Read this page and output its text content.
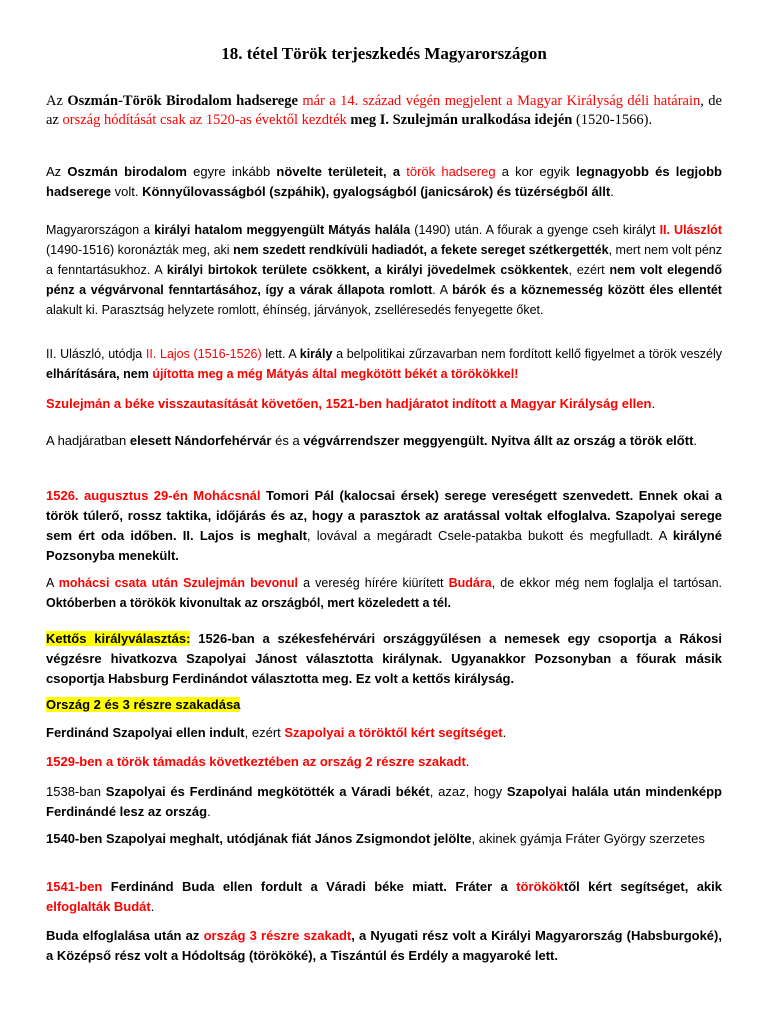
18. tétel Török terjeszkedés Magyarországon

Az Oszmán-Török Birodalom hadserege már a 14. század végén megjelent a Magyar Királyság déli határain, de az ország hódítását csak az 1520-as évektől kezdték meg I. Szulejmán uralkodása idején (1520-1566).

Az Oszmán birodalom egyre inkább növelte területeit, a török hadsereg a kor egyik legnagyobb és legjobb hadserege volt. Könnyűlovasságból (szpáhik), gyalogságból (janicsárok) és tüzérségből állt.

Magyarországon a királyi hatalom meggyengült Mátyás halála (1490) után. A főurak a gyenge cseh királyt II. Ulászlót (1490-1516) koronázták meg, aki nem szedett rendkívüli hadiadót, a fekete sereget szétkergették, mert nem volt pénz a fenntartásukhoz. A királyi birtokok területe csökkent, a királyi jövedelmek csökkentek, ezért nem volt elegendő pénz a végvárvonal fenntartásához, így a várak állapota romlott. A bárók és a köznemesség között éles ellentét alakult ki. Parasztság helyzete romlott, éhínség, járványok, zselléresedés fenyegette őket.

II. Ulászló, utódja II. Lajos (1516-1526) lett. A király a belpolitikai zűrzavarban nem fordított kellő figyelmet a török veszély elhárítására, nem újította meg a még Mátyás által megkötött békét a törökökkel!

Szulejmán a béke visszautasítását követően, 1521-ben hadjáratot indított a Magyar Királyság ellen.

A hadjáratban elesett Nándorfehérvár és a végvárrendszer meggyengült. Nyitva állt az ország a török előtt.

1526. augusztus 29-én Mohácsnál Tomori Pál (kalocsai érsek) serege vereségett szenvedett. Ennek okai a török túlerő, rossz taktika, időjárás és az, hogy a parasztok az aratással voltak elfoglalva. Szapolyai serege sem ért oda időben. II. Lajos is meghalt, lovával a megáradt Csele-patakba bukott és megfulladt. A királyné Pozsonyba menekült.

A mohácsi csata után Szulejmán bevonul a vereség hírére kiürített Budára, de ekkor még nem foglalja el tartósan. Októberben a törökök kivonultak az országból, mert közeledett a tél.

Kettős királyválasztás: 1526-ban a székesfehérvári országgyűlésen a nemesek egy csoportja a Rákosi végzésre hivatkozva Szapolyai Jánost választotta királynak. Ugyanakkor Pozsonyban a főurak másik csoportja Habsburg Ferdinándot választotta meg. Ez volt a kettős királyság.

Ország 2 és 3 részre szakadása

Ferdinánd Szapolyai ellen indult, ezért Szapolyai a töröktől kért segítséget.

1529-ben a török támadás következtében az ország 2 részre szakadt.

1538-ban Szapolyai és Ferdinánd megkötötték a Váradi békét, azaz, hogy Szapolyai halála után mindenképp Ferdinándé lesz az ország.

1540-ben Szapolyai meghalt, utódjának fiát János Zsigmondot jelölte, akinek gyámja Fráter György szerzetes

1541-ben Ferdinánd Buda ellen fordult a Váradi béke miatt. Fráter a törököktől kért segítséget, akik elfoglalták Budát.

Buda elfoglalása után az ország 3 részre szakadt, a Nyugati rész volt a Királyi Magyarország (Habsburgoké), a Középső rész volt a Hódoltság (törököké), a Tiszántúl és Erdély a magyaroké lett.
